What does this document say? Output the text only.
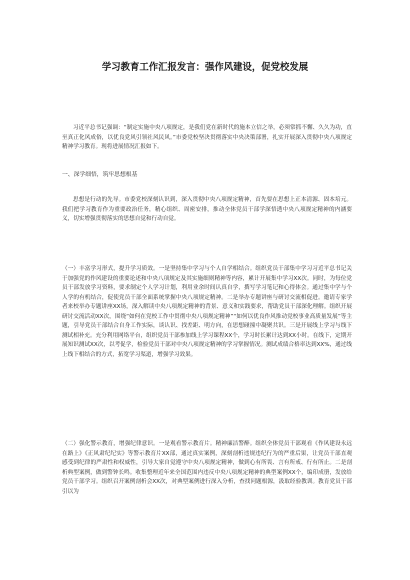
学习教育工作汇报发言：强作风建设，促党校发展

习近平总书记强调：“制定实施中央八项规定，是我们党在新时代的施本立信之举，必须常抓不懈、久久为功，直至真正化风成俗，以优良党风引领社风民风。”市委党校坚决贯彻落实中央决策部署，扎实开展深入贯彻中央八项规定精神学习教育。现将进展情况汇报如下。

一、深学细悟，筑牢思想根基

思想是行动的先导。市委党校深刻认识到，深入贯彻中央八项规定精神，首先要在思想上正本清源、固本培元。我们把学习教育作为重要政治任务，精心组织、周密安排，推动全体党员干部学深悟透中央八项规定精神的内涵要义，切实增强贯彻落实的思想自觉和行动自觉。

（一）丰富学习形式，提升学习质效。一是坚持集中学习与个人自学相结合。组织党员干部集中学习习近平总书记关于加强党的作风建设的重要论述和中央八项规定及其实施细则精神等内容，累计开展集中学习XX次。同时，为每位党员干部发放学习资料，要求制定个人学习计划，利用业余时间认真自学，撰写学习笔记和心得体会。通过集中学与个人学的有机结合，促使党员干部全面系统掌握中央八项规定精神。二是举办专题讲座与研讨交流相促进。邀请专家学者来校举办专题讲座XX场，深入解读中央八项规定精神的背景、意义和实践要求，帮助党员干部深化理解。组织开展研讨交流活动XX次，围绕“如何在党校工作中贯彻中央八项规定精神”“如何以优良作风推动党校事业高质量发展”等主题，引导党员干部结合自身工作实际，谈认识、找差距、明方向，在思想碰撞中凝聚共识。三是开展线上学习与线下测试相补充。充分利用网络平台，组织党员干部参加线上学习课程XX个，学习时长累计达到XX小时。在线下，定期开展知识测试XX次，以考促学，检验党员干部对中央八项规定精神的学习掌握情况。测试成绩合格率达到XX%，通过线上线下相结合的方式，拓宽学习渠道，增强学习效果。

（二）强化警示教育，增强纪律意识。一是观看警示教育片。精神廉洁警醉。组织全体党员干部观看《作风建设永远在路上》《正风肃纪纪实》等警示教育片XX部，通过真实案例，深刻剖析违规违纪行为的严重后果，让党员干部直观感受到纪律的严肃性和权威性，引导大家自觉遵守中央八项规定精神，做到心有所畏、言有所戒、行有所止。二是剖析典型案例，做到警钟长鸣。收集整理近年来全国范围内违反中央八项规定精神的典型案例XX个，编印成册，发放给党员干部学习。组织召开案例剖析会XX次，对典型案例进行深入分析，查找问题根源，汲取经验教训。教育党员干部引以为
